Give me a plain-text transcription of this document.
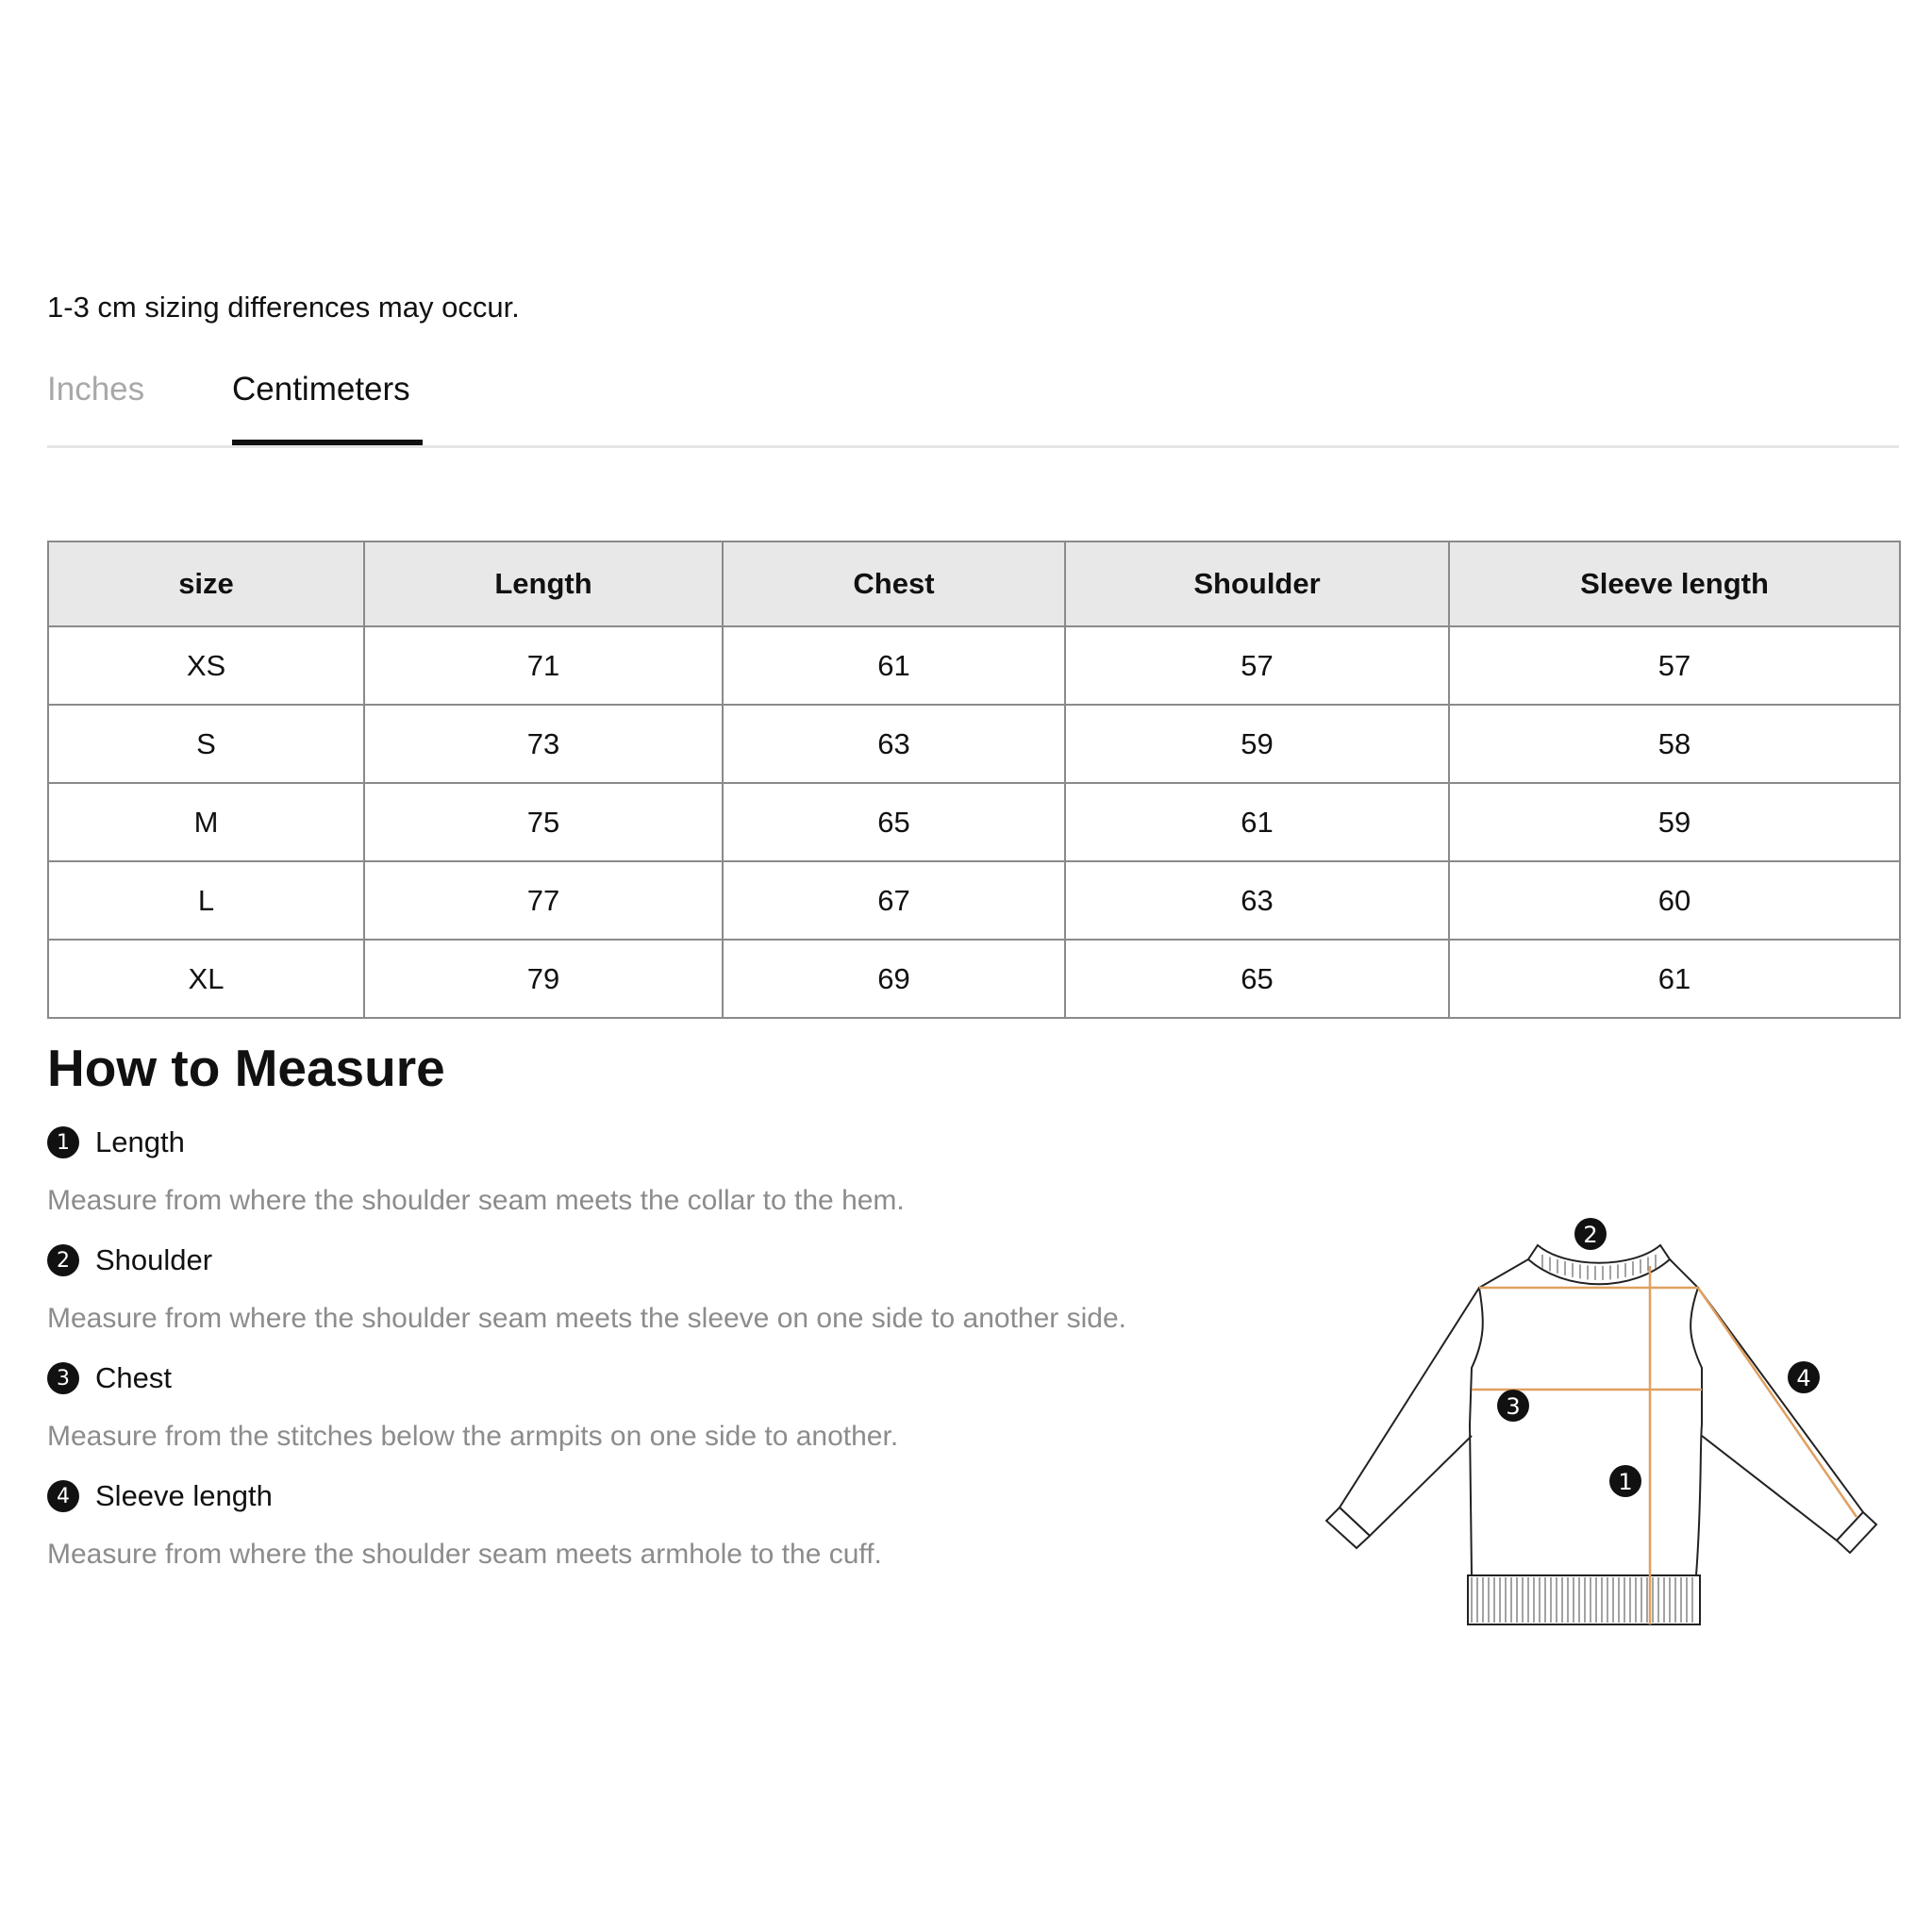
1-3 cm sizing differences may occur.
Inches	Centimeters
size	Length	Chest	Shoulder	Sleeve length
XS	71	61	57	57
S	73	63	59	58
M	75	65	61	59
L	77	67	63	60
XL	79	69	65	61
How to Measure
1 Length
Measure from where the shoulder seam meets the collar to the hem.
2 Shoulder
Measure from where the shoulder seam meets the sleeve on one side to another side.
3 Chest
Measure from the stitches below the armpits on one side to another.
4 Sleeve length
Measure from where the shoulder seam meets armhole to the cuff.
2
4
3
1
